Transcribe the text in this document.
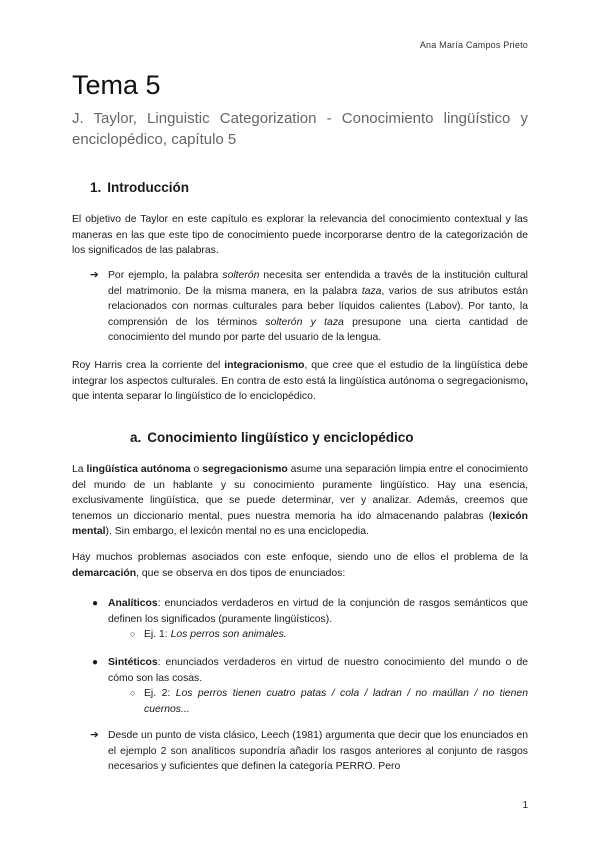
Ana María Campos Prieto
Tema 5

J. Taylor, Linguistic Categorization - Conocimiento lingüístico y enciclopédico, capítulo 5

1. Introducción

El objetivo de Taylor en este capítulo es explorar la relevancia del conocimiento contextual y las maneras en las que este tipo de conocimiento puede incorporarse dentro de la categorización de los significados de las palabras.

➔ Por ejemplo, la palabra solterón necesita ser entendida a través de la institución cultural del matrimonio. De la misma manera, en la palabra taza, varios de sus atributos están relacionados con normas culturales para beber líquidos calientes (Labov). Por tanto, la comprensión de los términos solterón y taza presupone una cierta cantidad de conocimiento del mundo por parte del usuario de la lengua.

Roy Harris crea la corriente del integracionismo, que cree que el estudio de la lingüística debe integrar los aspectos culturales. En contra de esto está la lingüística autónoma o segregacionismo, que intenta separar lo lingüístico de lo enciclopédico.

a. Conocimiento lingüístico y enciclopédico

La lingüística autónoma o segregacionismo asume una separación limpia entre el conocimiento del mundo de un hablante y su conocimiento puramente lingüístico. Hay una esencia, exclusivamente lingüística, que se puede determinar, ver y analizar. Además, creemos que tenemos un diccionario mental, pues nuestra memoria ha ido almacenando palabras (lexicón mental). Sin embargo, el lexicón mental no es una enciclopedia.

Hay muchos problemas asociados con este enfoque, siendo uno de ellos el problema de la demarcación, que se observa en dos tipos de enunciados:

● Analíticos: enunciados verdaderos en virtud de la conjunción de rasgos semánticos que definen los significados (puramente lingüísticos).
○ Ej. 1: Los perros son animales.
● Sintéticos: enunciados verdaderos en virtud de nuestro conocimiento del mundo o de cómo son las cosas.
○ Ej. 2: Los perros tienen cuatro patas / cola / ladran / no maúllan / no tienen cuernos...
➔ Desde un punto de vista clásico, Leech (1981) argumenta que decir que los enunciados en el ejemplo 2 son analíticos supondría añadir los rasgos anteriores al conjunto de rasgos necesarios y suficientes que definen la categoría PERRO. Pero
1
